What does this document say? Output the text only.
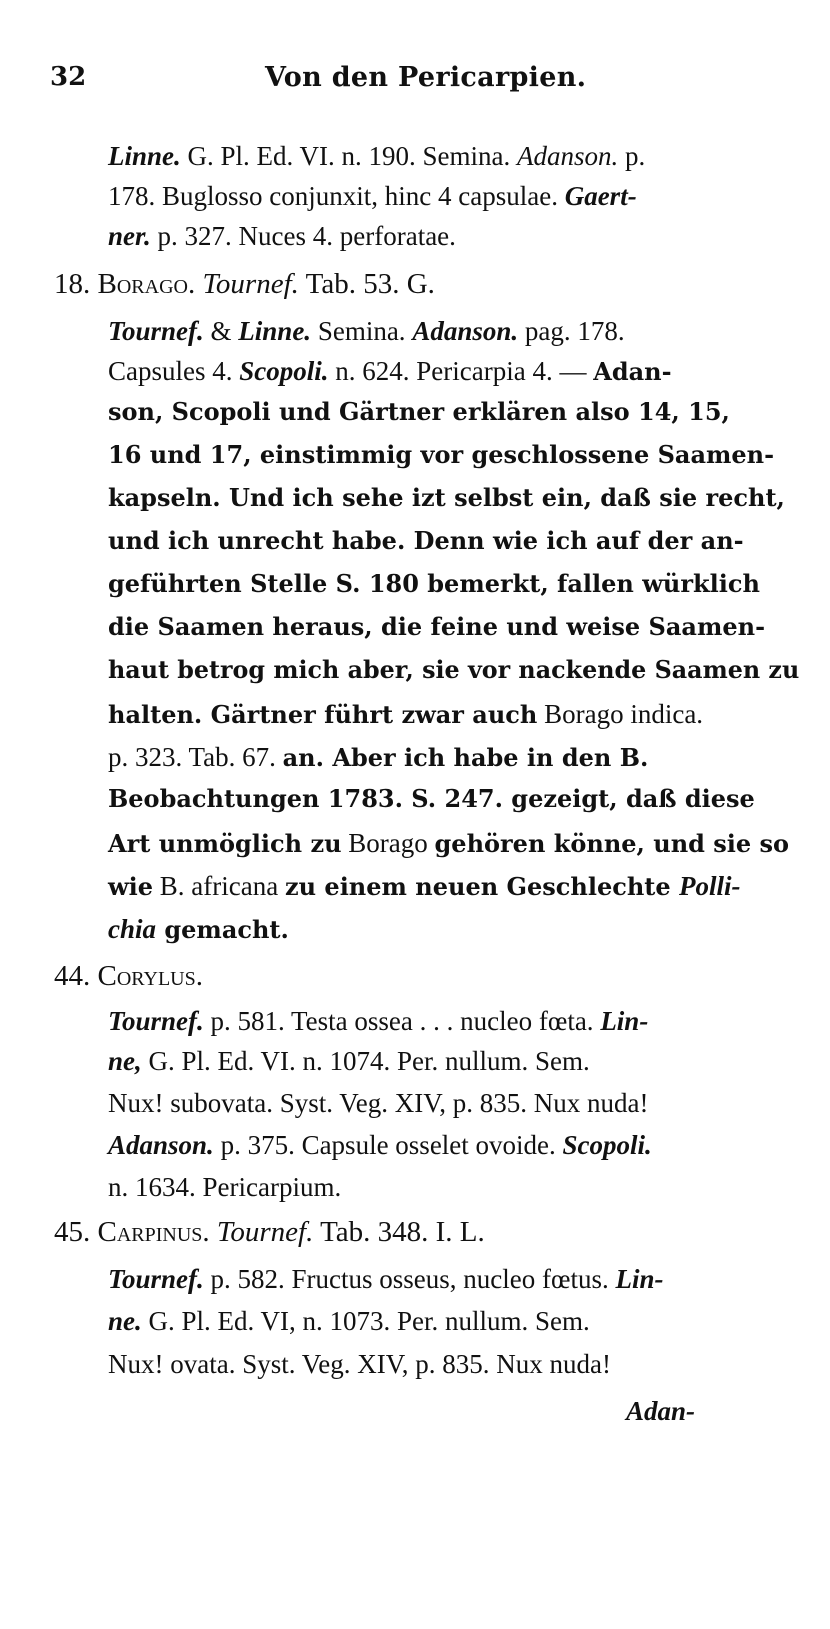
32	Von den Pericarpien.
Linne. G. Pl. Ed. VI. n. 190. Semina. Adanson. p.
178. Buglosso conjunxit, hinc 4 capsulae. Gaert-
ner. p. 327. Nuces 4. perforatae.
18. Borago. Tournef. Tab. 53. G.
Tournef. & Linne. Semina. Adanson. pag. 178.
Capsules 4. Scopoli. n. 624. Pericarpia 4. — Adan-
son, Scopoli und Gärtner erklären also 14, 15,
16 und 17, einstimmig vor geschlossene Saamen-
kapseln. Und ich sehe izt selbst ein, daß sie recht,
und ich unrecht habe. Denn wie ich auf der an-
geführten Stelle S. 180 bemerkt, fallen würklich
die Saamen heraus, die feine und weise Saamen-
haut betrog mich aber, sie vor nackende Saamen zu
halten. Gärtner führt zwar auch Borago indica.
p. 323. Tab. 67. an. Aber ich habe in den B.
Beobachtungen 1783. S. 247. gezeigt, daß diese
Art unmöglich zu Borago gehören könne, und sie so
wie B. africana zu einem neuen Geschlechte Polli-
chia gemacht.
44. Corylus.
Tournef. p. 581. Testa ossea . . . nucleo fœta. Lin-
ne, G. Pl. Ed. VI. n. 1074. Per. nullum. Sem.
Nux! subovata. Syst. Veg. XIV, p. 835. Nux nuda!
Adanson. p. 375. Capsule osselet ovoide. Scopoli.
n. 1634. Pericarpium.
45. Carpinus. Tournef. Tab. 348. I. L.
Tournef. p. 582. Fructus osseus, nucleo fœtus. Lin-
ne. G. Pl. Ed. VI, n. 1073. Per. nullum. Sem.
Nux! ovata. Syst. Veg. XIV, p. 835. Nux nuda!
Adan-
